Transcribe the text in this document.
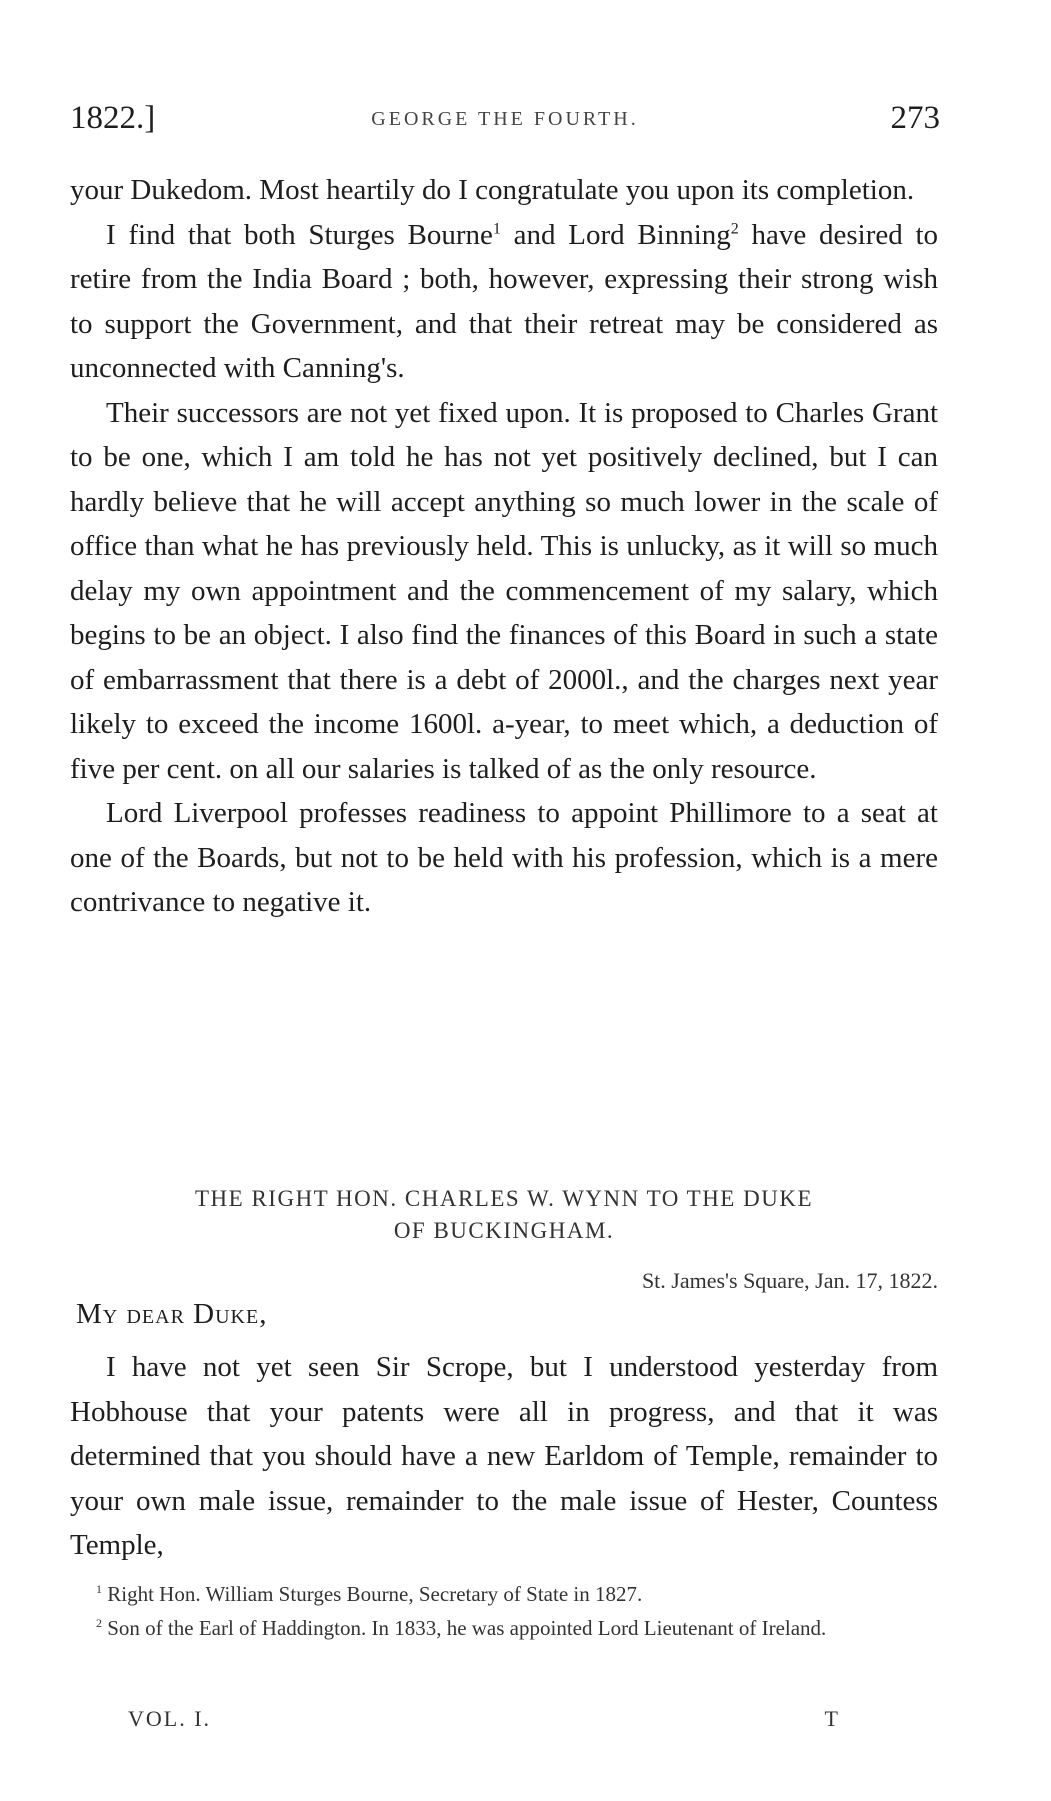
1822.]	GEORGE THE FOURTH.	273

your Dukedom. Most heartily do I congratulate you upon its completion.

I find that both Sturges Bourne$^1$ and Lord Binning$^2$ have desired to retire from the India Board ; both, however, expressing their strong wish to support the Government, and that their retreat may be considered as unconnected with Canning's.

Their successors are not yet fixed upon. It is proposed to Charles Grant to be one, which I am told he has not yet positively declined, but I can hardly believe that he will accept anything so much lower in the scale of office than what he has previously held. This is unlucky, as it will so much delay my own appointment and the commencement of my salary, which begins to be an object. I also find the finances of this Board in such a state of embarrassment that there is a debt of 2000l., and the charges next year likely to exceed the income 1600l. a-year, to meet which, a deduction of five per cent. on all our salaries is talked of as the only resource.

Lord Liverpool professes readiness to appoint Phillimore to a seat at one of the Boards, but not to be held with his profession, which is a mere contrivance to negative it.

THE RIGHT HON. CHARLES W. WYNN TO THE DUKE
OF BUCKINGHAM.
St. James's Square, Jan. 17, 1822.
My dear Duke,

I have not yet seen Sir Scrope, but I understood yesterday from Hobhouse that your patents were all in progress, and that it was determined that you should have a new Earldom of Temple, remainder to your own male issue, remainder to the male issue of Hester, Countess Temple,

$^1$ Right Hon. William Sturges Bourne, Secretary of State in 1827.

$^2$ Son of the Earl of Haddington. In 1833, he was appointed Lord Lieutenant of Ireland.

VOL. I.	T
